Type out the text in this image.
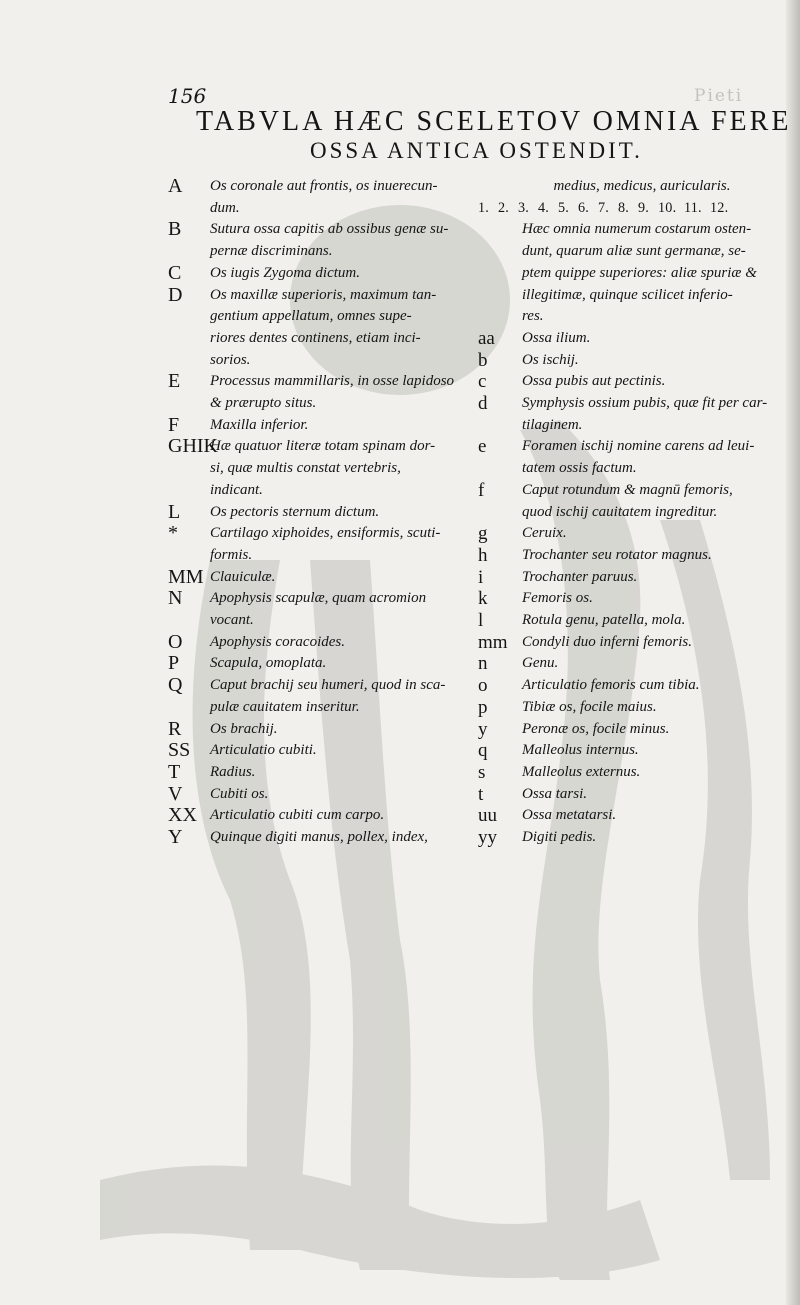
156	Pieti
TABVLA HÆC SCELETOV OMNIA FERE
OSSA ANTICA OSTENDIT.
A	Os coronale aut frontis, os inuerecun-
dum.
B	Sutura ossa capitis ab ossibus genæ su-
pernæ discriminans.
C	Os iugis Zygoma dictum.
D	Os maxillæ superioris, maximum tan-
gentium appellatum, omnes supe-
riores dentes continens, etiam inci-
sorios.
E	Processus mammillaris, in osse lapidoso
& prærupto situs.
F	Maxilla inferior.
GHIK
Hæ quatuor literæ totam spinam dor-
si, quæ multis constat vertebris,
indicant.
L	Os pectoris sternum dictum.
*	Cartilago xiphoides, ensiformis, scuti-
formis.
MM Clauiculæ.
N	Apophysis scapulæ, quam acromion
vocant.
O	Apophysis coracoides.
P	Scapula, omoplata.
Q	Caput brachij seu humeri, quod in sca-
pulæ cauitatem inseritur.
R	Os brachij.
SS	Articulatio cubiti.
T	Radius.
V	Cubiti os.
XX Articulatio cubiti cum carpo.
Y	Quinque digiti manus, pollex, index,
medius, medicus, auricularis.
1. 2. 3. 4. 5. 6. 7. 8. 9. 10. 11. 12.
Hæc omnia numerum costarum osten-
dunt, quarum aliæ sunt germanæ, se-
ptem quippe superiores: aliæ spuriæ &
illegitimæ, quinque scilicet inferio-
res.
aa	Ossa ilium.
b	Os ischij.
c	Ossa pubis aut pectinis.
d	Symphysis ossium pubis, quæ fit per car-
tilaginem.
e	Foramen ischij nomine carens ad leui-
tatem ossis factum.
f	Caput rotundum & magnū femoris,
quod ischij cauitatem ingreditur.
g	Ceruix.
h	Trochanter seu rotator magnus.
i	Trochanter paruus.
k	Femoris os.
l	Rotula genu, patella, mola.
mm Condyli duo inferni femoris.
n	Genu.
o	Articulatio femoris cum tibia.
p	Tibiæ os, focile maius.
y	Peronæ os, focile minus.
q	Malleolus internus.
s	Malleolus externus.
t	Ossa tarsi.
uu	Ossa metatarsi.
yy	Digiti pedis.
